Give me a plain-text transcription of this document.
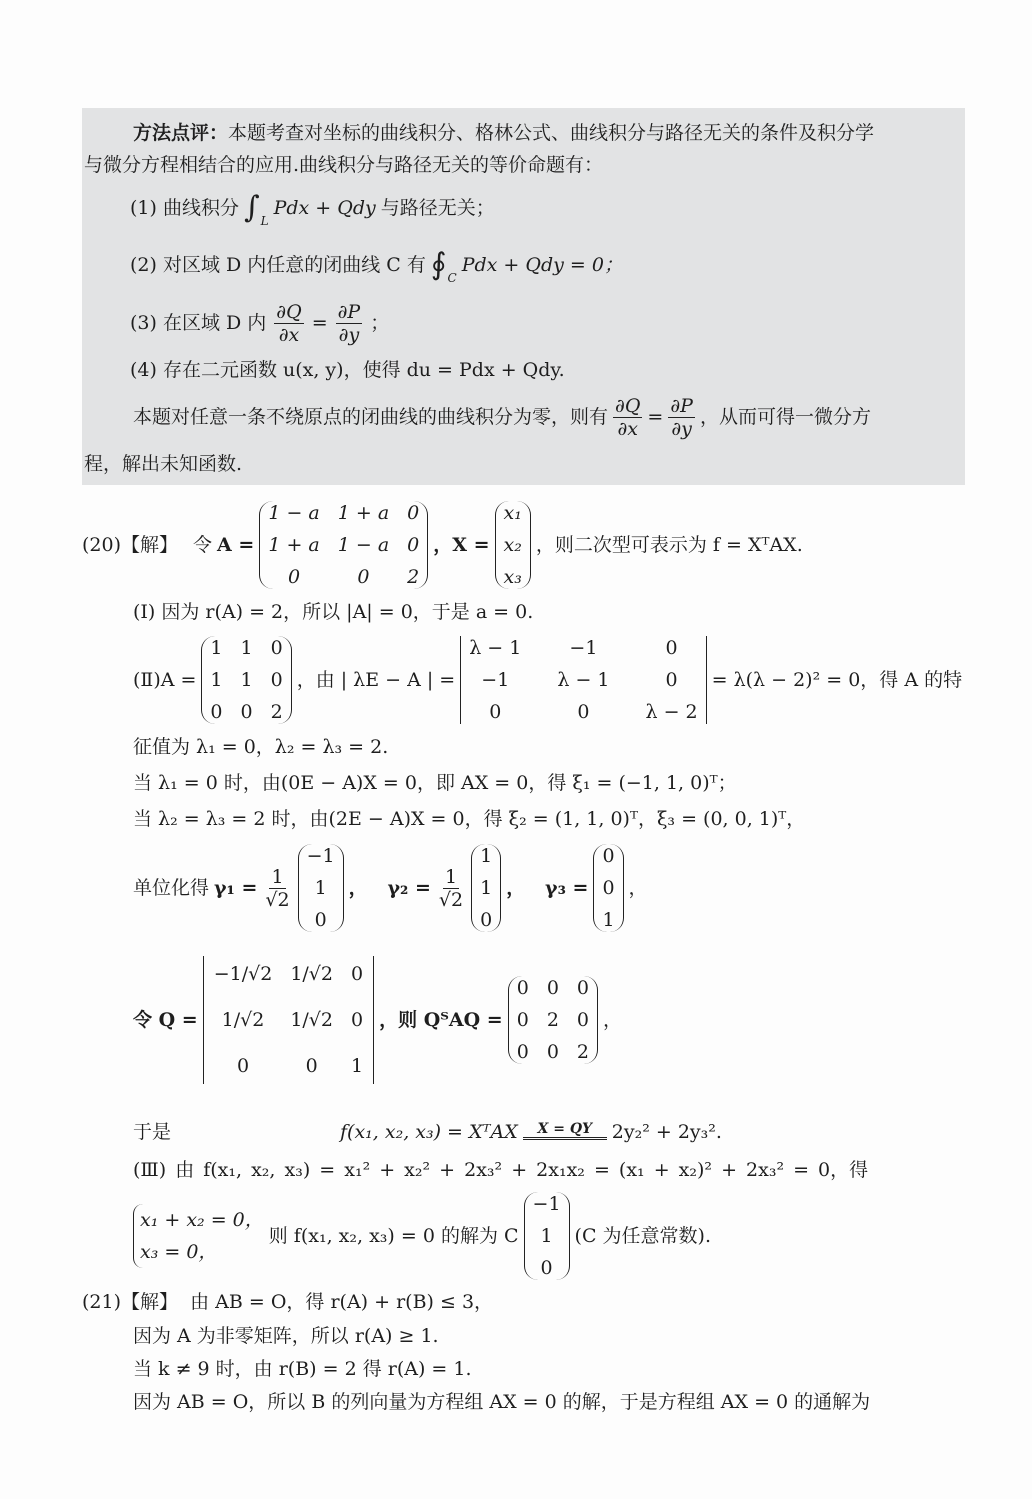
方法点评：本题考查对坐标的曲线积分、格林公式、曲线积分与路径无关的条件及积分学
与微分方程相结合的应用.曲线积分与路径无关的等价命题有：
(1) 曲线积分 ∫ L
Pdx + Qdy 与路径无关；
(2) 对区域 D 内任意的闭曲线 C 有 ∮ C
Pdx + Qdy = 0；
(3) 在区域 D 内 $\frac{\partial Q}{\partial x} = \frac{\partial P}{\partial y}$ ；
(4) 存在二元函数 u(x, y)，使得 du = Pdx + Qdy.
本题对任意一条不绕原点的闭曲线的曲线积分为零，则有 $\frac{\partial Q}{\partial x} = \frac{\partial P}{\partial y}$ ，从而可得一微分方
程，解出未知函数.
(20)【解】 令 A =
1 − a 1 + a 0
1 + a 1 − a 0
0	0	2
，X =
x₁
x₂
x₃
，则二次型可表示为 f = XᵀAX.
(Ⅰ) 因为 r(A) = 2，所以 |A| = 0，于是 a = 0.
(Ⅱ)A =
1 1 0
1 1 0
0 0 2
，由 | λE − A | =
λ − 1	−1	0
−1	λ − 1	0
0	0	λ − 2
= λ(λ − 2)² = 0，得 A 的特
征值为 λ₁ = 0，λ₂ = λ₃ = 2.
当 λ₁ = 0 时，由(0E − A)X = 0，即 AX = 0，得 ξ₁ = (−1, 1, 0)ᵀ；
当 λ₂ = λ₃ = 2 时，由(2E − A)X = 0，得 ξ₂ = (1, 1, 0)ᵀ，ξ₃ = (0, 0, 1)ᵀ，
单位化得 $\gamma_1 = \frac{1}{√2}$
−1
1
0
，   $\gamma_2 = \frac{1}{√2}$
1
1
0
，   γ₃ =
0
0
1
，
令 Q =
−1/√2 1/√2 0
1/√2	1/√2 0
0	0	1
，则 QᵀAQ =
0 0 0
0 2 0
0 0 2
，
于是	f(x₁, x₂, x₃) = XᵀAX X = QY 2y₂² + 2y₃².
(Ⅲ) 由 f(x₁, x₂, x₃) = x₁² + x₂² + 2x₃² + 2x₁x₂ = (x₁ + x₂)² + 2x₃² = 0，得
x₁ + x₂ = 0，
x₃ = 0，
则 f(x₁, x₂, x₃) = 0 的解为 C
−1
1
0
(C 为任意常数).
(21)【解】 由 AB = O，得 r(A) + r(B) ≤ 3，
因为 A 为非零矩阵，所以 r(A) ≥ 1.
当 k ≠ 9 时，由 r(B) = 2 得 r(A) = 1.
因为 AB = O，所以 B 的列向量为方程组 AX = 0 的解，于是方程组 AX = 0 的通解为
